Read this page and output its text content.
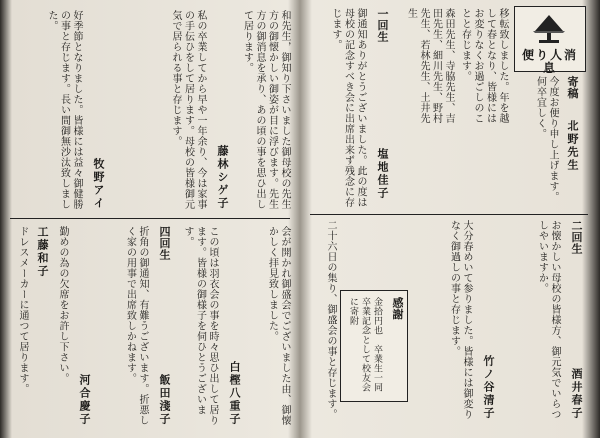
和先生，御知り下さいました御母校の先生方の御懐かしい御姿が目に浮びます。先生方の御消息を承り、あの頃の事を思ひ出して居ります。
藤林シゲ子
私の卒業してから早や一年余り、今は家事の手伝ひをして居ります。母校の皆様御元気で居られる事と存じます。
牧野アイ
好季節となりました。皆様には益々御健勝の事と存じます。長い間御無沙汰致しました。
会が開かれ御盛会でございました由、御懐かしく拝見致しました。
白樫八重子
この頃は羽衣会の事を時々思ひ出して居ります。皆様の御様子を伺ひとうございます。
四回生
飯田淺子
折角の御通知、有難うございます。折悪しく家の用事で出席致しかねます。
河合慶子
勤めの為の欠席をお許し下さい。
工藤和子
ドレスメーカーに通つて居ります。
便り人消息
移転致しました。年を越して春となり、皆様にはお変りなくお過ごしのことと存じます。
寄稿
北野先生
今度お便り申し上げます。何卒宜しく。
森田先生、寺脇先生、吉田先生、細川先生、野村先生、若林先生、土井先生
一回生
塩地佳子
御通知ありがとうございました。此の度は母校の記念すべき会に出席出来ず残念に存じます。
二回生
酒井春子
お懐かしい母校の皆様方、御元気でいらつしやいますか。
竹ノ谷清子
大分春めいて参りました。皆様には御変りなく御過しの事と存じます。
感謝
金拾円也　卒業生一同　卒業記念として校友会に寄附
二十六日の集り、御盛会の事と存じます。
